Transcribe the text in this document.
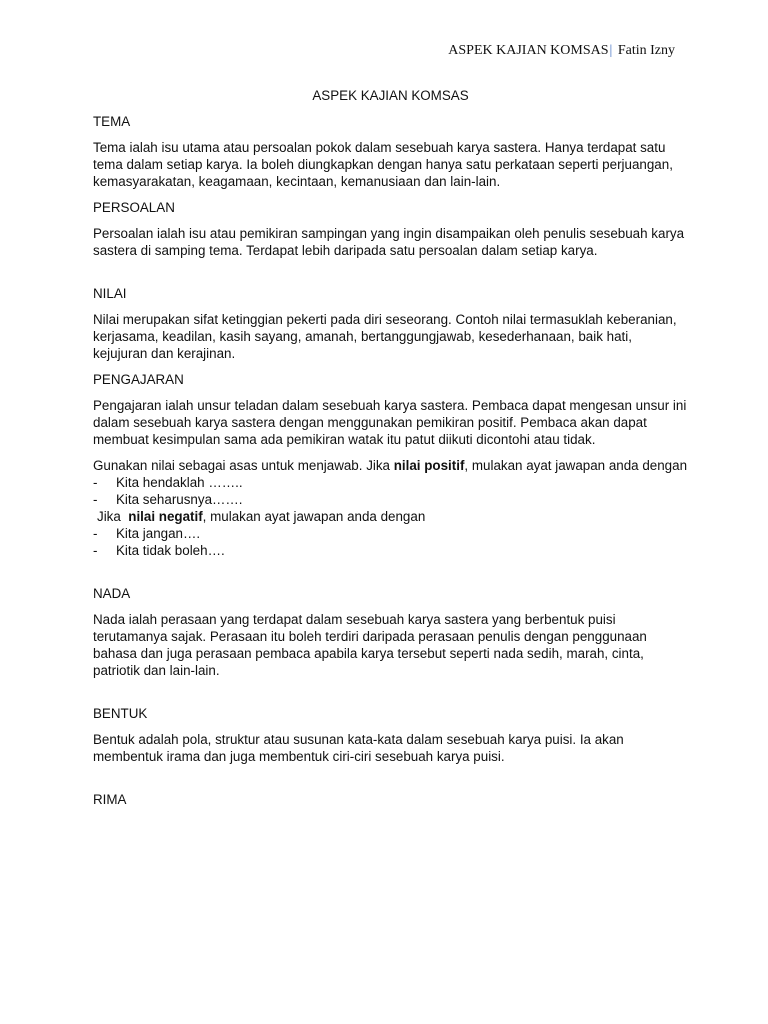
ASPEK KAJIAN KOMSAS| Fatin Izny
ASPEK KAJIAN KOMSAS
TEMA

Tema ialah isu utama atau persoalan pokok dalam sesebuah karya sastera. Hanya terdapat satu tema dalam setiap karya. Ia boleh diungkapkan dengan hanya satu perkataan seperti perjuangan, kemasyarakatan, keagamaan, kecintaan, kemanusiaan dan lain-lain.

PERSOALAN

Persoalan ialah isu atau pemikiran sampingan yang ingin disampaikan oleh penulis sesebuah karya sastera di samping tema. Terdapat lebih daripada satu persoalan dalam setiap karya.

NILAI

Nilai merupakan sifat ketinggian pekerti pada diri seseorang. Contoh nilai termasuklah keberanian, kerjasama, keadilan, kasih sayang, amanah, bertanggungjawab, kesederhanaan, baik hati, kejujuran dan kerajinan.

PENGAJARAN

Pengajaran ialah unsur teladan dalam sesebuah karya sastera. Pembaca dapat mengesan unsur ini dalam sesebuah karya sastera dengan menggunakan pemikiran positif. Pembaca akan dapat membuat kesimpulan sama ada pemikiran watak itu patut diikuti dicontohi atau tidak.

Gunakan nilai sebagai asas untuk menjawab. Jika nilai positif, mulakan ayat jawapan anda dengan
- Kita hendaklah ……..
- Kita seharusnya…….
Jika  nilai negatif, mulakan ayat jawapan anda dengan
- Kita jangan….
- Kita tidak boleh….
NADA

Nada ialah perasaan yang terdapat dalam sesebuah karya sastera yang berbentuk puisi terutamanya sajak. Perasaan itu boleh terdiri daripada perasaan penulis dengan penggunaan bahasa dan juga perasaan pembaca apabila karya tersebut seperti nada sedih, marah, cinta, patriotik dan lain-lain.

BENTUK

Bentuk adalah pola, struktur atau susunan kata-kata dalam sesebuah karya puisi. Ia akan membentuk irama dan juga membentuk ciri-ciri sesebuah karya puisi.

RIMA
